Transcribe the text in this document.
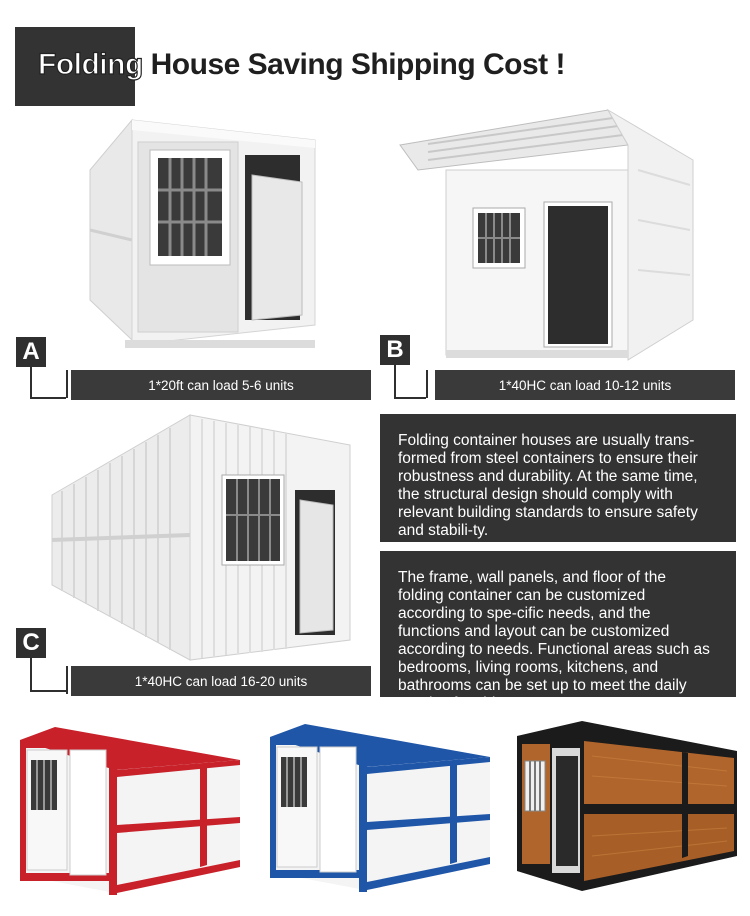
Folding House Saving Shipping Cost !
A
1*20ft can load 5-6 units
B
1*40HC can load 10-12 units
C
1*40HC can load 16-20 units
Folding container houses are usually trans-formed from steel containers to ensure their robustness and durability. At the same time, the structural design should comply with relevant building standards to ensure safety and stabili-ty.
The frame, wall panels, and floor of the folding container can be customized according to spe-cific needs, and the functions and layout can be customized according to needs. Functional areas such as bedrooms, living rooms, kitchens, and bathrooms can be set up to meet the daily needs of residents.
